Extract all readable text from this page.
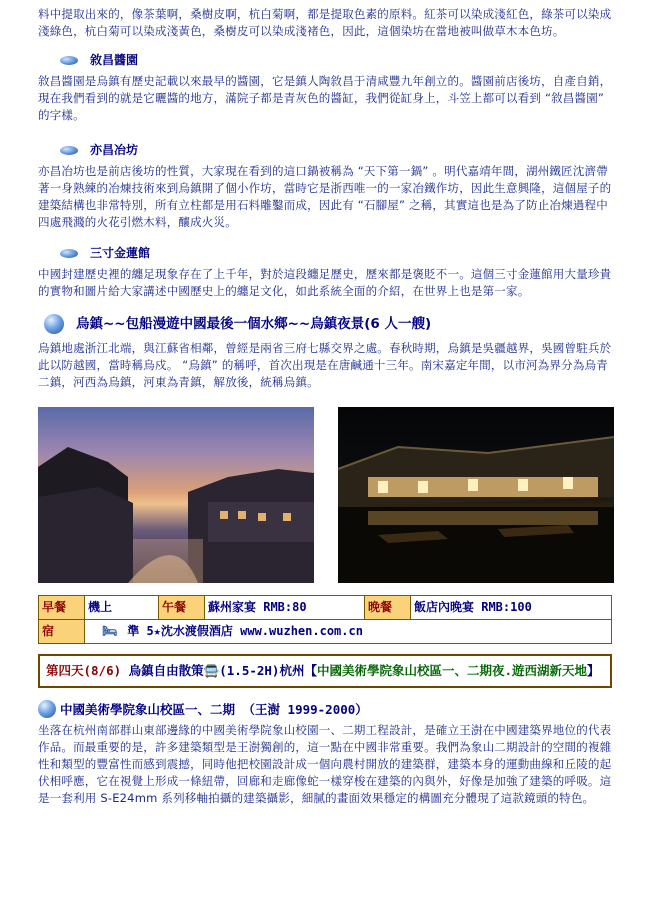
料中提取出來的，像茶葉啊，桑樹皮啊，杭白菊啊，都是提取色素的原料。紅茶可以染成淺紅色，綠茶可以染成淺綠色，杭白菊可以染成淺黃色，桑樹皮可以染成淺褚色，因此，這個染坊在當地被叫做草木本色坊。

敘昌醬園

敘昌醬園是烏鎮有歷史記載以來最早的醬園，它是鎮人陶敘昌于清咸豐九年創立的。醬園前店後坊，自產自銷，現在我們看到的就是它曬醬的地方，滿院子都是青灰色的醬缸，我們從缸身上，斗笠上都可以看到 “敘昌醬園” 的字樣。

亦昌冶坊

亦昌冶坊也是前店後坊的性質，大家現在看到的這口鍋被稱為 “天下第一鍋” 。明代嘉靖年間，湖州鐵匠沈濟帶著一身熟練的冶煉技術來到烏鎮開了個小作坊，當時它是浙西唯一的一家冶鐵作坊，因此生意興隆，這個屋子的建築結構也非常特別，所有立柱都是用石料雕鑿而成，因此有 “石腳屋” 之稱，其實這也是為了防止冶煉過程中四處飛濺的火花引燃木料，釀成火災。

三寸金蓮館

中國封建歷史裡的纏足現象存在了上千年，對於這段纏足歷史，歷來都是褒貶不一。這個三寸金蓮館用大量珍貴的實物和圖片給大家講述中國歷史上的纏足文化，如此系統全面的介紹，在世界上也是第一家。

烏鎮~~包船漫遊中國最後一個水鄉~~烏鎮夜景(6 人一艘)

烏鎮地處浙江北端，與江蘇省相鄰，曾經是兩省三府七縣交界之處。春秋時期，烏鎮是吳疆越界，吳國曾駐兵於此以防越國，當時稱烏戍。 “烏鎮” 的稱呼，首次出現是在唐鹹通十三年。南宋嘉定年間，以市河為界分為烏青二鎮，河西為烏鎮，河東為青鎮，解放後，統稱烏鎮。

早餐	機上	午餐	蘇州家宴 RMB:80	晚餐	飯店內晚宴 RMB:100
宿	🛏 準 5★沈水渡假酒店 www.wuzhen.com.cn				
第四天(8/6) 烏鎮自由散策🚍(1.5-2H)杭州【中國美術學院象山校區一、二期夜.遊西湖新天地】
中國美術學院象山校區一、二期 （王澍 1999-2000）

坐落在杭州南部群山東部邊緣的中國美術學院象山校園一、二期工程設計，是確立王澍在中國建築界地位的代表作品。而最重要的是，許多建築類型是王澍獨創的，這一點在中國非常重要。我們為象山二期設計的空間的複雜性和類型的豐富性而感到震撼，同時他把校園設計成一個向農村開放的建築群，建築本身的運動曲線和丘陵的起伏相呼應，它在視覺上形成一條紐帶，回廊和走廊像蛇一樣穿梭在建築的內與外，好像是加強了建築的呼吸。這是一套利用 S-E24mm 系列移軸拍攝的建築攝影，細膩的畫面效果穩定的構圖充分體現了這款鏡頭的特色。
